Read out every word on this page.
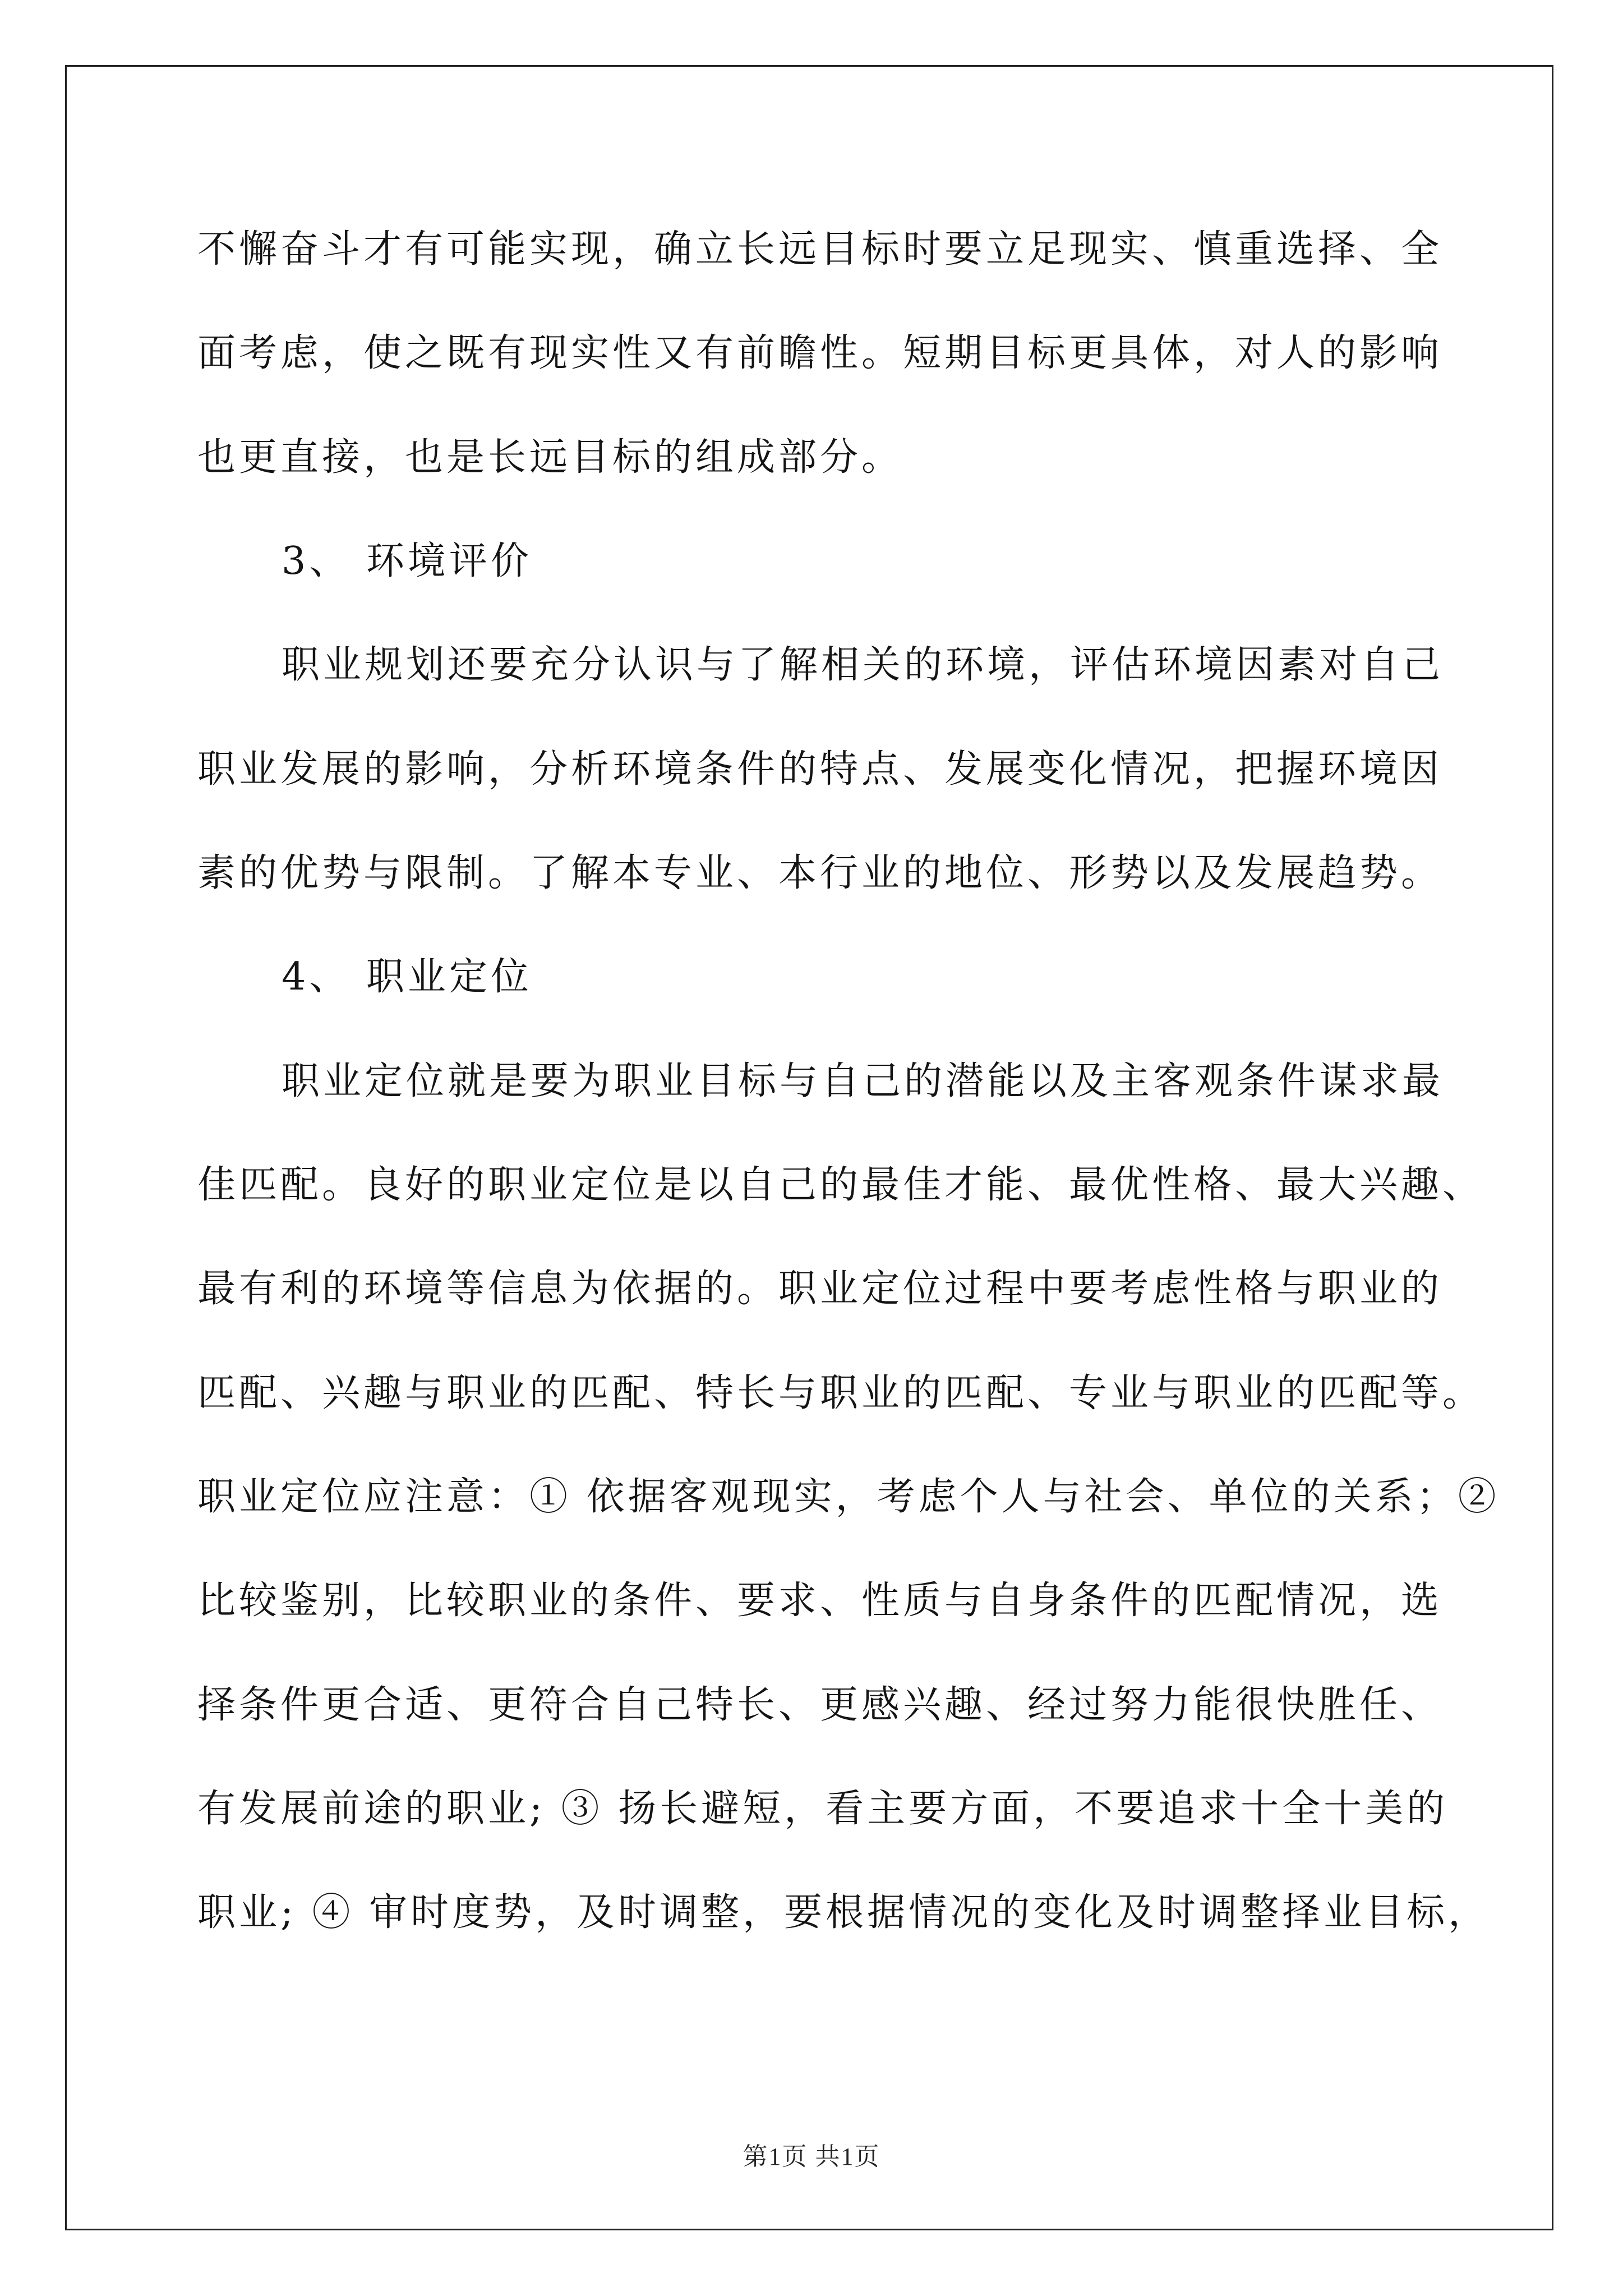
不懈奋斗才有可能实现，确立长远目标时要立足现实、慎重选择、全
面考虑，使之既有现实性又有前瞻性。短期目标更具体，对人的影响
也更直接，也是长远目标的组成部分。
3、 环境评价
职业规划还要充分认识与了解相关的环境，评估环境因素对自己
职业发展的影响，分析环境条件的特点、发展变化情况，把握环境因
素的优势与限制。了解本专业、本行业的地位、形势以及发展趋势。
4、 职业定位
职业定位就是要为职业目标与自己的潜能以及主客观条件谋求最
佳匹配。良好的职业定位是以自己的最佳才能、最优性格、最大兴趣、
最有利的环境等信息为依据的。职业定位过程中要考虑性格与职业的
匹配、兴趣与职业的匹配、特长与职业的匹配、专业与职业的匹配等。
职业定位应注意：① 依据客观现实，考虑个人与社会、单位的关系；②
比较鉴别，比较职业的条件、要求、性质与自身条件的匹配情况，选
择条件更合适、更符合自己特长、更感兴趣、经过努力能很快胜任、
有发展前途的职业; ③ 扬长避短，看主要方面，不要追求十全十美的
职业; ④ 审时度势，及时调整，要根据情况的变化及时调整择业目标，
第1页 共1页
